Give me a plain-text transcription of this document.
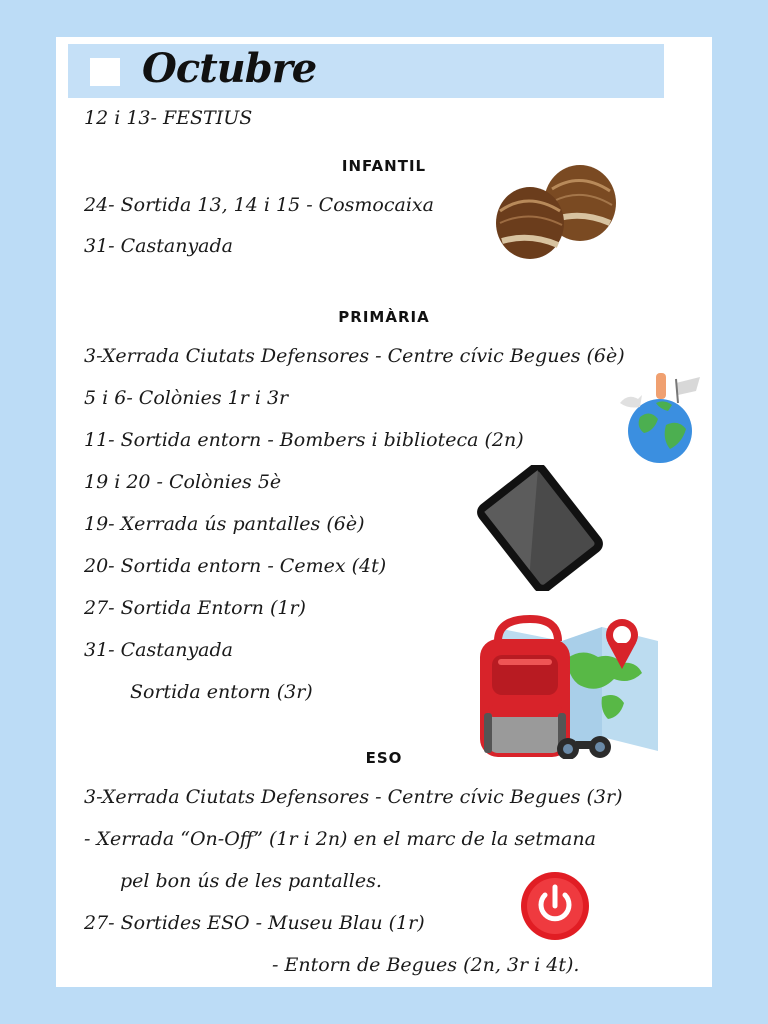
Octubre
12 i 13- FESTIUS
INFANTIL
24- Sortida 13, 14 i 15 - Cosmocaixa
31- Castanyada
PRIMÀRIA
3-Xerrada Ciutats Defensores - Centre cívic Begues (6è)
5 i 6- Colònies 1r i 3r
11- Sortida entorn - Bombers i biblioteca (2n)
19 i 20 - Colònies 5è
19- Xerrada ús pantalles (6è)
20- Sortida entorn - Cemex (4t)
27- Sortida Entorn (1r)
31- Castanyada
Sortida entorn (3r)
ESO
3-Xerrada Ciutats Defensores - Centre cívic Begues (3r)
- Xerrada “On-Off” (1r i 2n) en el marc de la setmana
pel bon ús de les pantalles.
27- Sortides ESO - Museu Blau (1r)
- Entorn de Begues (2n, 3r i 4t).
